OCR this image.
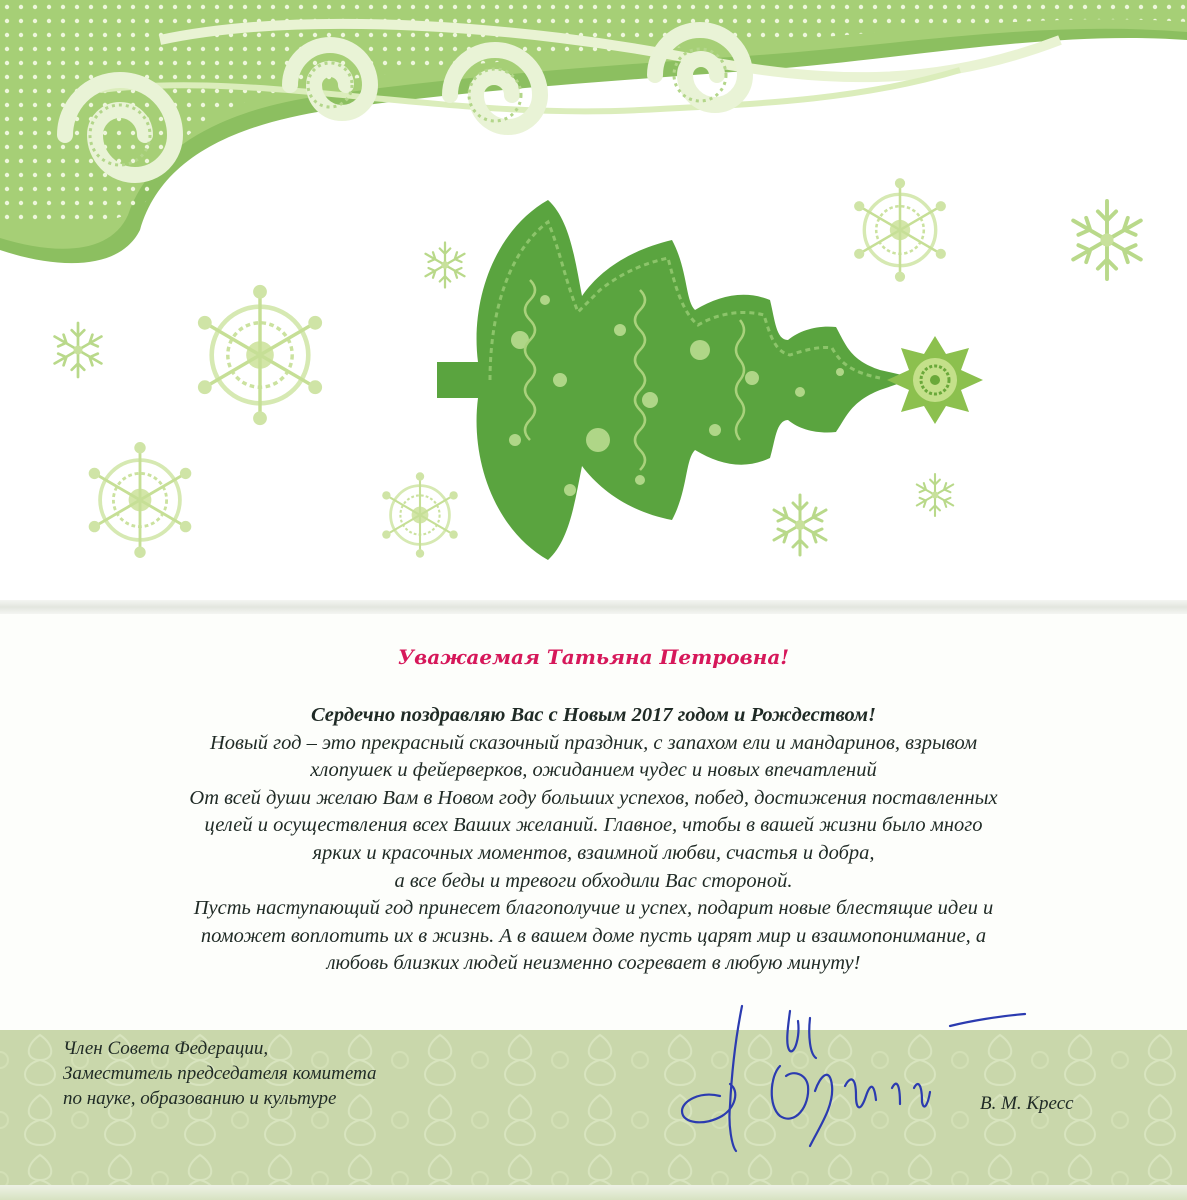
Уважаемая Татьяна Петровна!
Сердечно поздравляю Вас с Новым 2017 годом и Рождеством!
Новый год – это прекрасный сказочный праздник, с запахом ели и мандаринов, взрывом
хлопушек и фейерверков, ожиданием чудес и новых впечатлений
От всей души желаю Вам в Новом году больших успехов, побед, достижения поставленных
целей и осуществления всех Ваших желаний. Главное, чтобы в вашей жизни было много
ярких и красочных моментов, взаимной любви, счастья и добра,
а все беды и тревоги обходили Вас стороной.
Пусть наступающий год принесет благополучие и успех, подарит новые блестящие идеи и
поможет воплотить их в жизнь. А в вашем доме пусть царят мир и взаимопонимание, а
любовь близких людей неизменно согревает в любую минуту!
Член Совета Федерации,
Заместитель председателя комитета
по науке, образованию и культуре	В. М. Кресс
